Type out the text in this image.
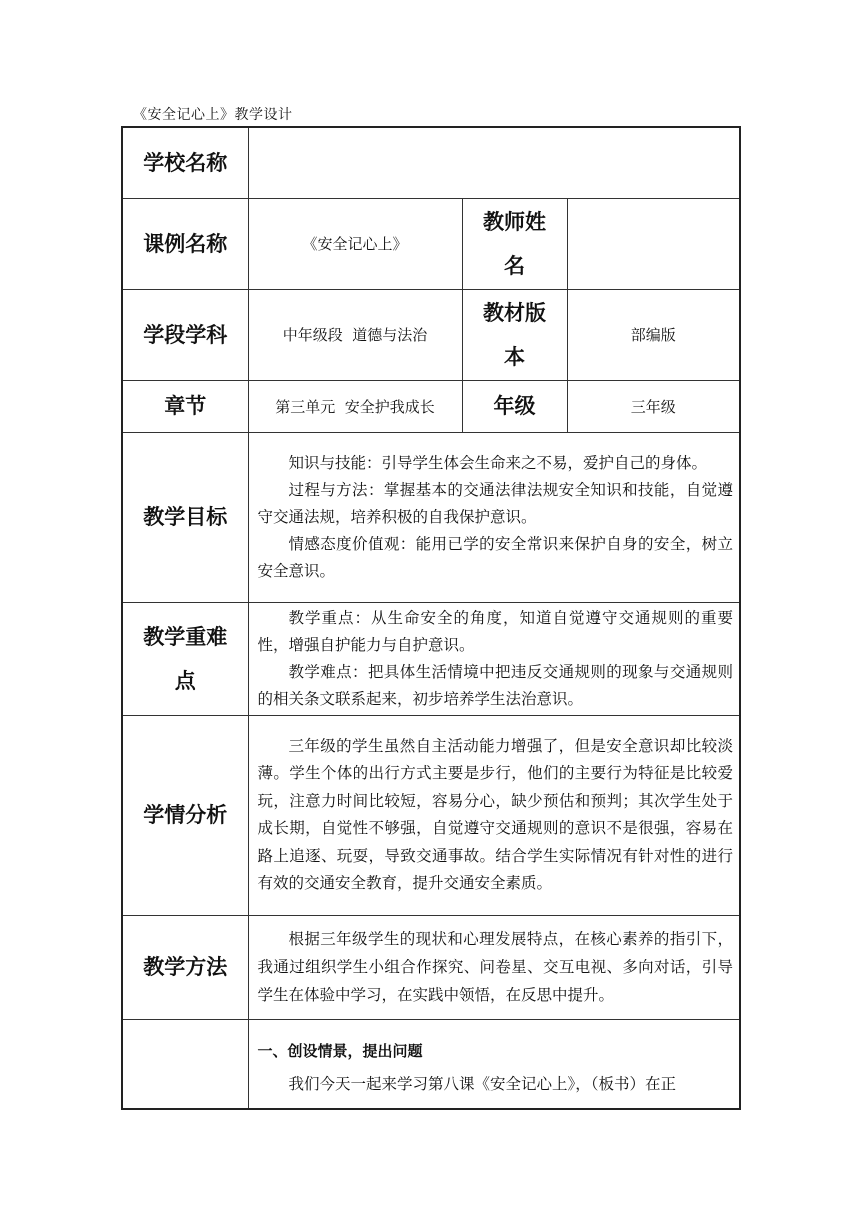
《安全记心上》教学设计
学校名称			
课例名称	《安全记心上》	教师姓名	
学段学科	中年级段  道德与法治	教材版本	部编版
章节	第三单元  安全护我成长	年级	三年级
教学目标	知识与技能：引导学生体会生命来之不易，爱护自己的身体。

过程与方法：掌握基本的交通法律法规安全知识和技能，自觉遵守交通法规，培养积极的自我保护意识。

情感态度价值观：能用已学的安全常识来保护自身的安全，树立安全意识。		

教学重难点	教学重点：从生命安全的角度，知道自觉遵守交通规则的重要性，增强自护能力与自护意识。

教学难点：把具体生活情境中把违反交通规则的现象与交通规则的相关条文联系起来，初步培养学生法治意识。		

学情分析	三年级的学生虽然自主活动能力增强了，但是安全意识却比较淡薄。学生个体的出行方式主要是步行，他们的主要行为特征是比较爱玩，注意力时间比较短，容易分心，缺少预估和预判；其次学生处于成长期，自觉性不够强，自觉遵守交通规则的意识不是很强，容易在路上追逐、玩耍，导致交通事故。结合学生实际情况有针对性的进行有效的交通安全教育，提升交通安全素质。		

教学方法	根据三年级学生的现状和心理发展特点，在核心素养的指引下，我通过组织学生小组合作探究、问卷星、交互电视、多向对话，引导学生在体验中学习，在实践中领悟，在反思中提升。		

	一、创设情景，提出问题

我们今天一起来学习第八课《安全记心上》，（板书）在正		
